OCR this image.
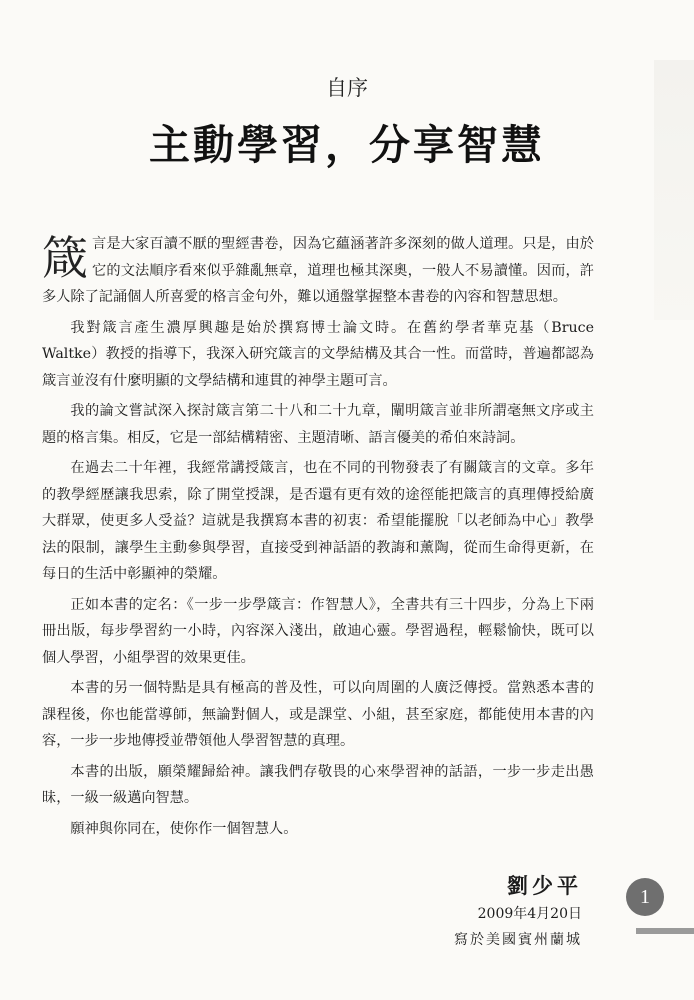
自序
主動學習，分享智慧

箴言是大家百讀不厭的聖經書卷，因為它蘊涵著許多深刻的做人道理。只是，由於它的文法順序看來似乎雜亂無章，道理也極其深奧，一般人不易讀懂。因而，許多人除了記誦個人所喜愛的格言金句外，難以通盤掌握整本書卷的內容和智慧思想。

我對箴言產生濃厚興趣是始於撰寫博士論文時。在舊約學者華克基（Bruce Waltke）教授的指導下，我深入研究箴言的文學結構及其合一性。而當時，普遍都認為箴言並沒有什麼明顯的文學結構和連貫的神學主題可言。

我的論文嘗試深入探討箴言第二十八和二十九章，闡明箴言並非所謂毫無文序或主題的格言集。相反，它是一部結構精密、主題清晰、語言優美的希伯來詩詞。

在過去二十年裡，我經常講授箴言，也在不同的刊物發表了有關箴言的文章。多年的教學經歷讓我思索，除了開堂授課，是否還有更有效的途徑能把箴言的真理傳授給廣大群眾，使更多人受益？這就是我撰寫本書的初衷：希望能擺脫「以老師為中心」教學法的限制，讓學生主動參與學習，直接受到神話語的教誨和薰陶，從而生命得更新，在每日的生活中彰顯神的榮耀。

正如本書的定名：《一步一步學箴言：作智慧人》，全書共有三十四步，分為上下兩冊出版，每步學習約一小時，內容深入淺出，啟迪心靈。學習過程，輕鬆愉快，既可以個人學習，小組學習的效果更佳。

本書的另一個特點是具有極高的普及性，可以向周圍的人廣泛傳授。當熟悉本書的課程後，你也能當導師，無論對個人，或是課堂、小組，甚至家庭，都能使用本書的內容，一步一步地傳授並帶領他人學習智慧的真理。

本書的出版，願榮耀歸給神。讓我們存敬畏的心來學習神的話語，一步一步走出愚昧，一級一級邁向智慧。

願神與你同在，使你作一個智慧人。

劉少平
2009年4月20日
寫於美國賓州蘭城
1
